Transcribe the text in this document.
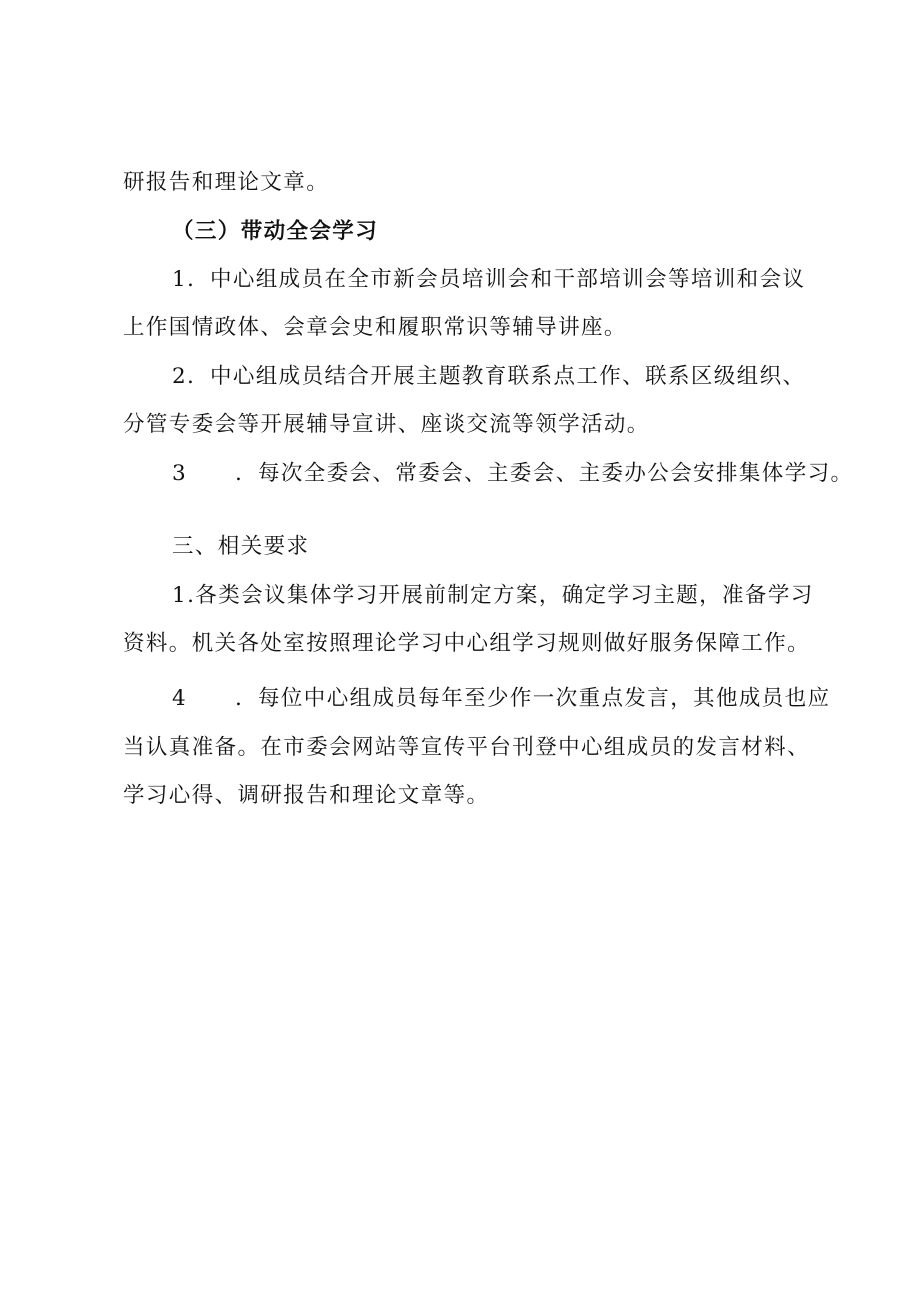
研报告和理论文章。
（三）带动全会学习
1．中心组成员在全市新会员培训会和干部培训会等培训和会议
上作国情政体、会章会史和履职常识等辅导讲座。
2．中心组成员结合开展主题教育联系点工作、联系区级组织、
分管专委会等开展辅导宣讲、座谈交流等领学活动。
3 ．每次全委会、常委会、主委会、主委办公会安排集体学习。
三、相关要求
1.各类会议集体学习开展前制定方案，确定学习主题，准备学习
资料。机关各处室按照理论学习中心组学习规则做好服务保障工作。
4 ．每位中心组成员每年至少作一次重点发言，其他成员也应
当认真准备。在市委会网站等宣传平台刊登中心组成员的发言材料、
学习心得、调研报告和理论文章等。
